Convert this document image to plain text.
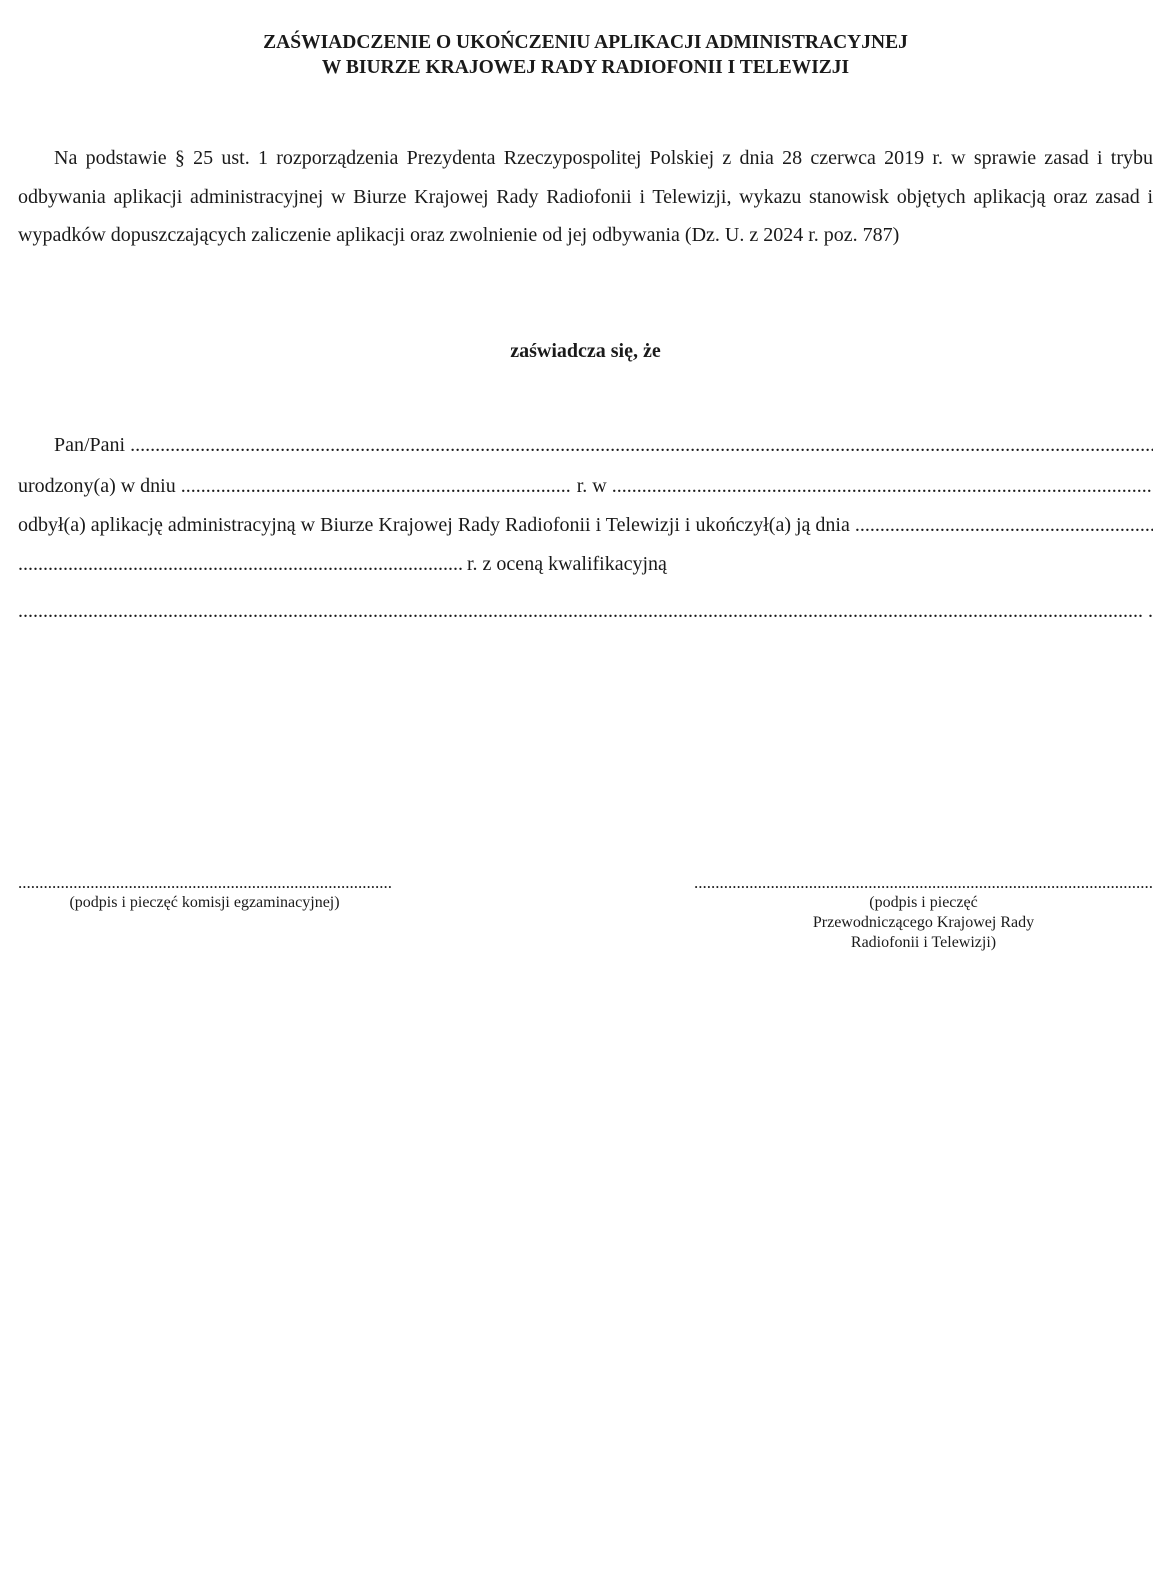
ZAŚWIADCZENIE O UKOŃCZENIU APLIKACJI ADMINISTRACYJNEJ
W BIURZE KRAJOWEJ RADY RADIOFONII I TELEWIZJI

Na podstawie § 25 ust. 1 rozporządzenia Prezydenta Rzeczypospolitej Polskiej z dnia 28 czerwca 2019 r. w sprawie zasad i trybu odbywania aplikacji administracyjnej w Biurze Krajowej Rady Radiofonii i Telewizji, wykazu stanowisk objętych aplikacją oraz zasad i wypadków dopuszczających zaliczenie aplikacji oraz zwolnienie od jej odbywania (Dz. U. z 2024 r. poz. 787)

zaświadcza się, że
Pan/Pani
.....
urodzony(a) w dniu
.....	r. w
.....
odbył(a) aplikację administracyjną w Biurze Krajowej Rady Radiofonii i Telewizji i ukończył(a) ją dnia
.....
.....
r. z oceną kwalifikacyjną
.....
.
.....
(podpis i pieczęć komisji egzaminacyjnej)
.....	(podpis i pieczęć
Przewodniczącego Krajowej Rady
Radiofonii i Telewizji)
